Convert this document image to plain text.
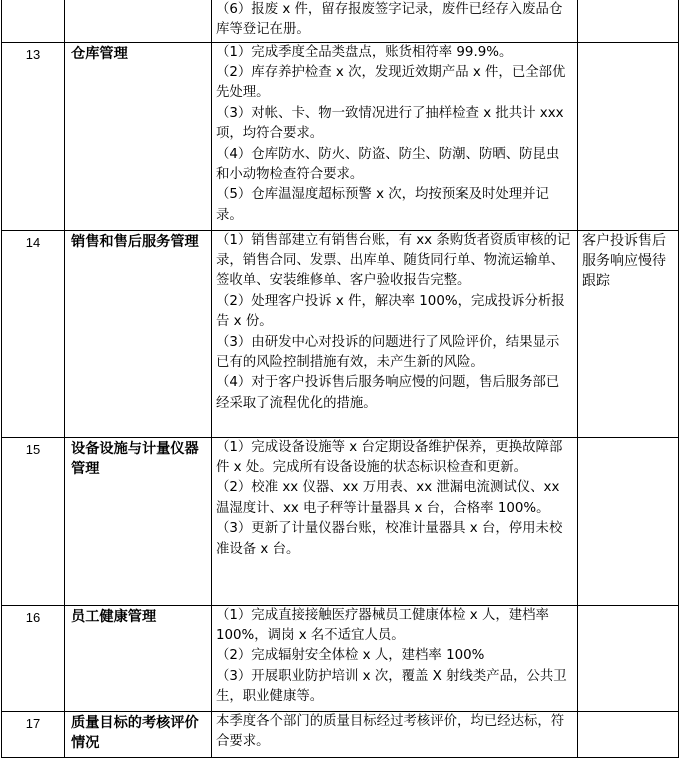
		（6）报废 x 件，留存报废签字记录，废件已经存入废品仓库等登记在册。	

13	仓库管理	（1）完成季度全品类盘点，账货相符率 99.9%。
（2）库存养护检查 x 次，发现近效期产品 x 件，已全部优先处理。
（3）对帐、卡、物一致情况进行了抽样检查 x 批共计 xxx 项，均符合要求。
（4）仓库防水、防火、防盗、防尘、防潮、防晒、防昆虫和小动物检查符合要求。
（5）仓库温湿度超标预警 x 次，均按预案及时处理并记录。	

14	销售和售后服务管理	（1）销售部建立有销售台账，有 xx 条购货者资质审核的记录，销售合同、发票、出库单、随货同行单、物流运输单、签收单、安装维修单、客户验收报告完整。
（2）处理客户投诉 x 件，解决率 100%，完成投诉分析报告 x 份。
（3）由研发中心对投诉的问题进行了风险评价，结果显示已有的风险控制措施有效，未产生新的风险。
（4）对于客户投诉售后服务响应慢的问题，售后服务部已经采取了流程优化的措施。	客户投诉售后服务响应慢待跟踪
15	设备设施与计量仪器管理	（1）完成设备设施等 x 台定期设备维护保养，更换故障部件 x 处。完成所有设备设施的状态标识检查和更新。
（2）校准 xx 仪器、xx 万用表、xx 泄漏电流测试仪、xx 温湿度计、xx 电子秤等计量器具 x 台，合格率 100%。
（3）更新了计量仪器台账，校准计量器具 x 台，停用未校准设备 x 台。	

16	员工健康管理	（1）完成直接接触医疗器械员工健康体检 x 人，建档率 100%，调岗 x 名不适宜人员。
（2）完成辐射安全体检 x 人，建档率 100%
（3）开展职业防护培训 x 次，覆盖 X 射线类产品，公共卫生，职业健康等。	

17	质量目标的考核评价情况	本季度各个部门的质量目标经过考核评价，均已经达标，符合要求。	
